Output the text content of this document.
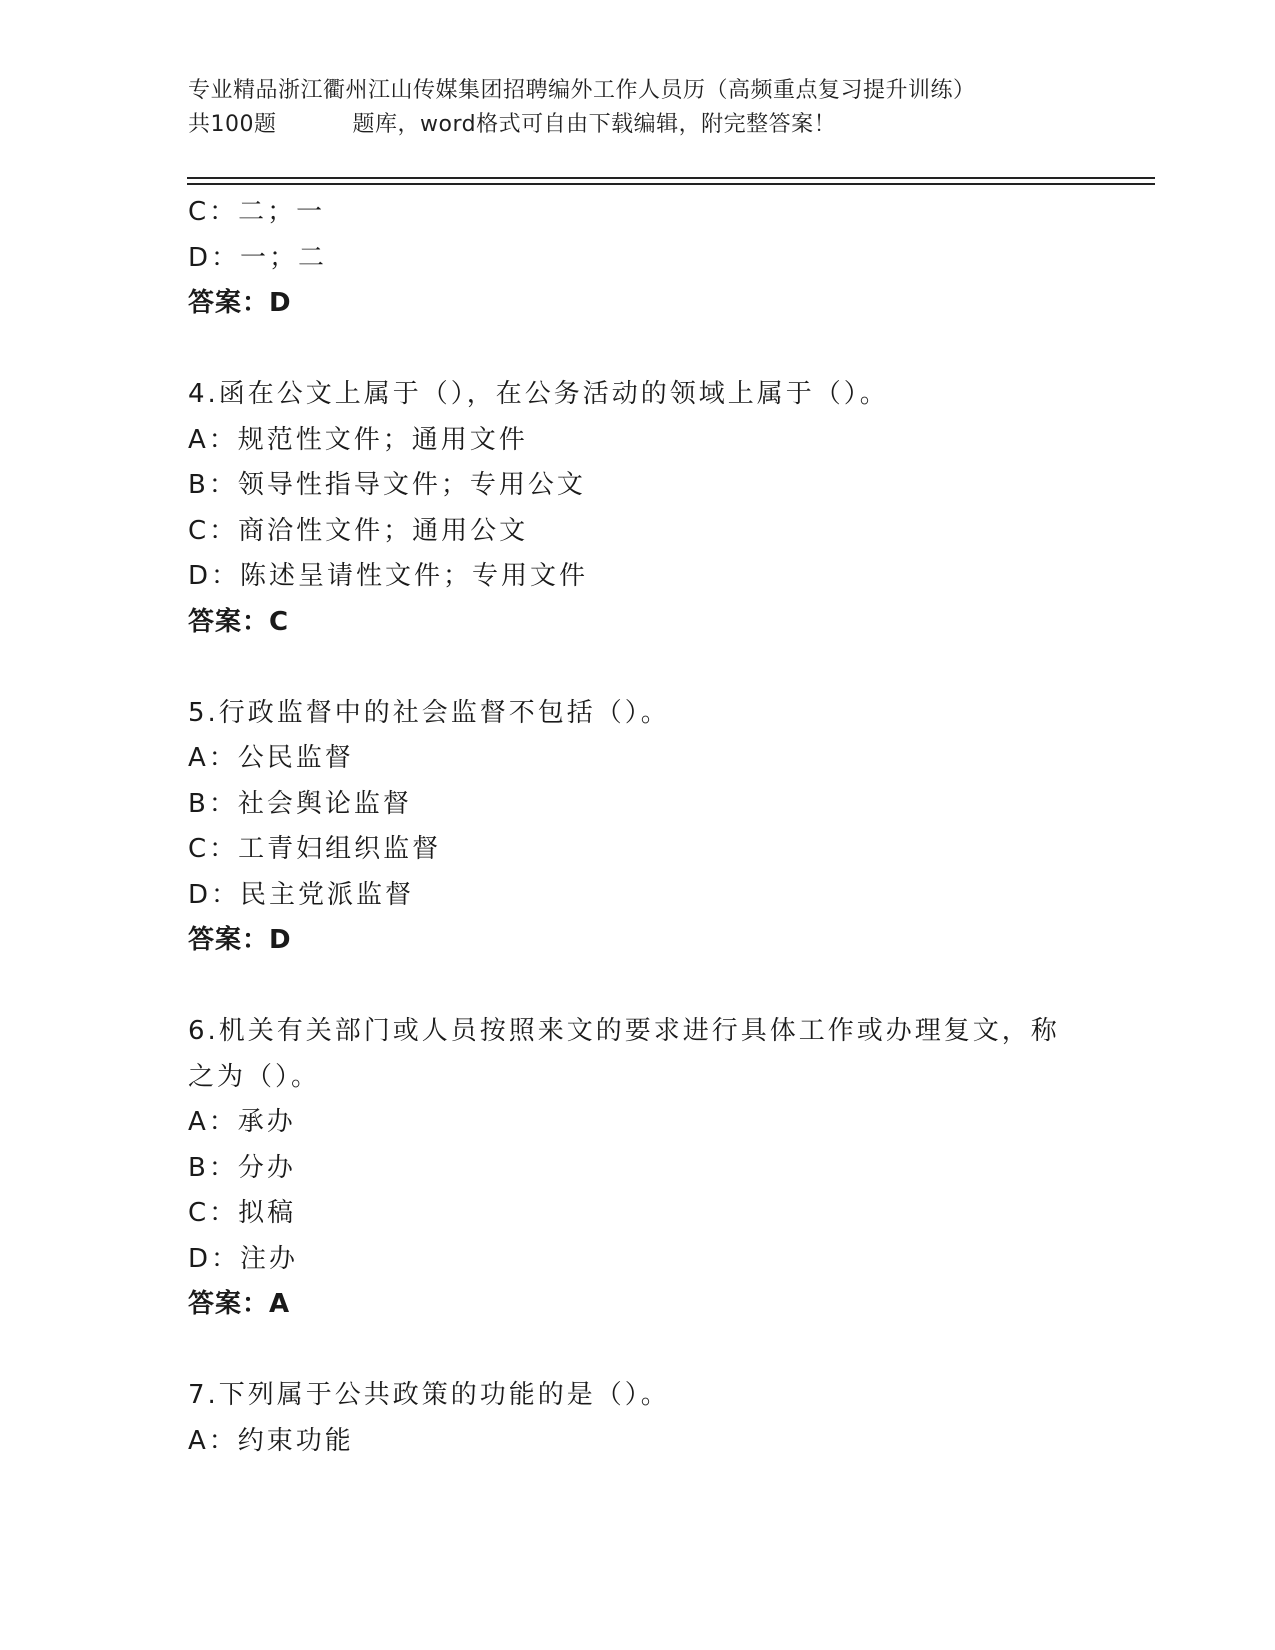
专业精品浙江衢州江山传媒集团招聘编外工作人员历（高频重点复习提升训练）
共100题	题库，word格式可自由下载编辑，附完整答案！
C：二；一
D：一；二
答案：D
4.函在公文上属于（），在公务活动的领域上属于（）。
A：规范性文件；通用文件
B：领导性指导文件；专用公文
C：商洽性文件；通用公文
D：陈述呈请性文件；专用文件
答案：C
5.行政监督中的社会监督不包括（）。
A：公民监督
B：社会舆论监督
C：工青妇组织监督
D：民主党派监督
答案：D
6.机关有关部门或人员按照来文的要求进行具体工作或办理复文，称
之为（）。
A：承办
B：分办
C：拟稿
D：注办
答案：A
7.下列属于公共政策的功能的是（）。
A：约束功能
